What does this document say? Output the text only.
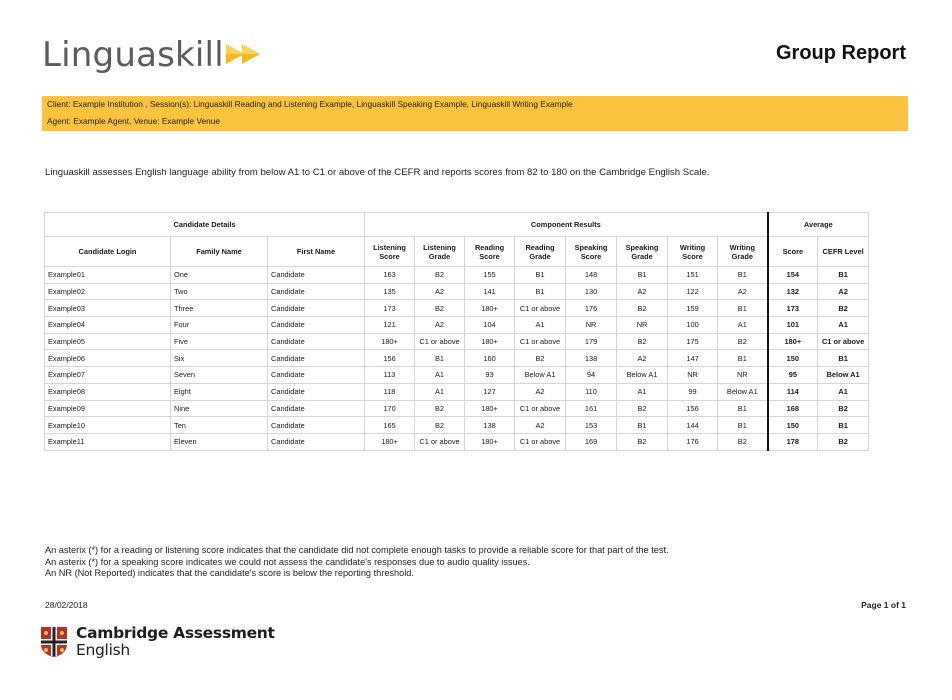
Linguaskill	Group Report
Client: Example Institution , Session(s): Linguaskill Reading and Listening Example, Linguaskill Speaking Example, Linguaskill Writing Example
Agent: Example Agent, Venue: Example Venue
Linguaskill assesses English language ability from below A1 to C1 or above of the CEFR and reports scores from 82 to 180 on the Cambridge English Scale.
Candidate Details			Component Results								Average	
Candidate Login	Family Name	First Name	Listening Score	Listening Grade	Reading Score	Reading Grade	Speaking Score	Speaking Grade	Writing Score	Writing Grade	Score	CEFR Level
Example01	One	Candidate	163	B2	155	B1	148	B1	151	B1	154	B1
Example02	Two	Candidate	135	A2	141	B1	130	A2	122	A2	132	A2
Example03	Three	Candidate	173	B2	180+	C1 or above	176	B2	159	B1	173	B2
Example04	Four	Candidate	121	A2	104	A1	NR	NR	100	A1	101	A1
Example05	Five	Candidate	180+	C1 or above	180+	C1 or above	179	B2	175	B2	180+	C1 or above
Example06	Six	Candidate	156	B1	160	B2	138	A2	147	B1	150	B1
Example07	Seven	Candidate	113	A1	93	Below A1	94	Below A1	NR	NR	95	Below A1
Example08	Eight	Candidate	118	A1	127	A2	110	A1	99	Below A1	114	A1
Example09	Nine	Candidate	170	B2	180+	C1 or above	161	B2	156	B1	168	B2
Example10	Ten	Candidate	165	B2	138	A2	153	B1	144	B1	150	B1
Example11	Eleven	Candidate	180+	C1 or above	180+	C1 or above	169	B2	176	B2	178	B2
An asterix (*) for a reading or listening score indicates that the candidate did not complete enough tasks to provide a reliable score for that part of the test.
An asterix (*) for a speaking score indicates we could not assess the candidate's responses due to audio quality issues.
An NR (Not Reported) indicates that the candidate's score is below the reporting threshold.
28/02/2018	Page 1 of 1
Cambridge Assessment
English
